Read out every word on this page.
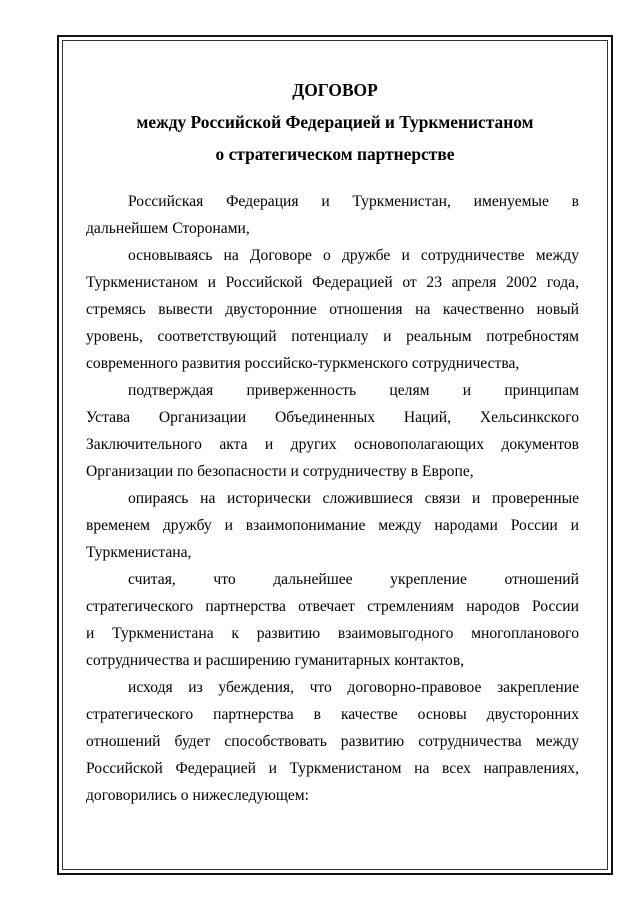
ДОГОВОР
между Российской Федерацией и Туркменистаном
о стратегическом партнерстве

Российская Федерация и Туркменистан, именуемые в
дальнейшем Сторонами,

основываясь на Договоре о дружбе и сотрудничестве между
Туркменистаном и Российской Федерацией от 23 апреля 2002 года,
стремясь вывести двусторонние отношения на качественно новый
уровень, соответствующий потенциалу и реальным потребностям
современного развития российско-туркменского сотрудничества,

подтверждая приверженность целям и принципам
Устава Организации Объединенных Наций, Хельсинкского
Заключительного акта и других основополагающих документов
Организации по безопасности и сотрудничеству в Европе,

опираясь на исторически сложившиеся связи и проверенные
временем дружбу и взаимопонимание между народами России и
Туркменистана,

считая, что дальнейшее укрепление отношений
стратегического партнерства отвечает стремлениям народов России
и Туркменистана к развитию взаимовыгодного многопланового
сотрудничества и расширению гуманитарных контактов,

исходя из убеждения, что договорно-правовое закрепление
стратегического партнерства в качестве основы двусторонних
отношений будет способствовать развитию сотрудничества между
Российской Федерацией и Туркменистаном на всех направлениях,
договорились о нижеследующем:
